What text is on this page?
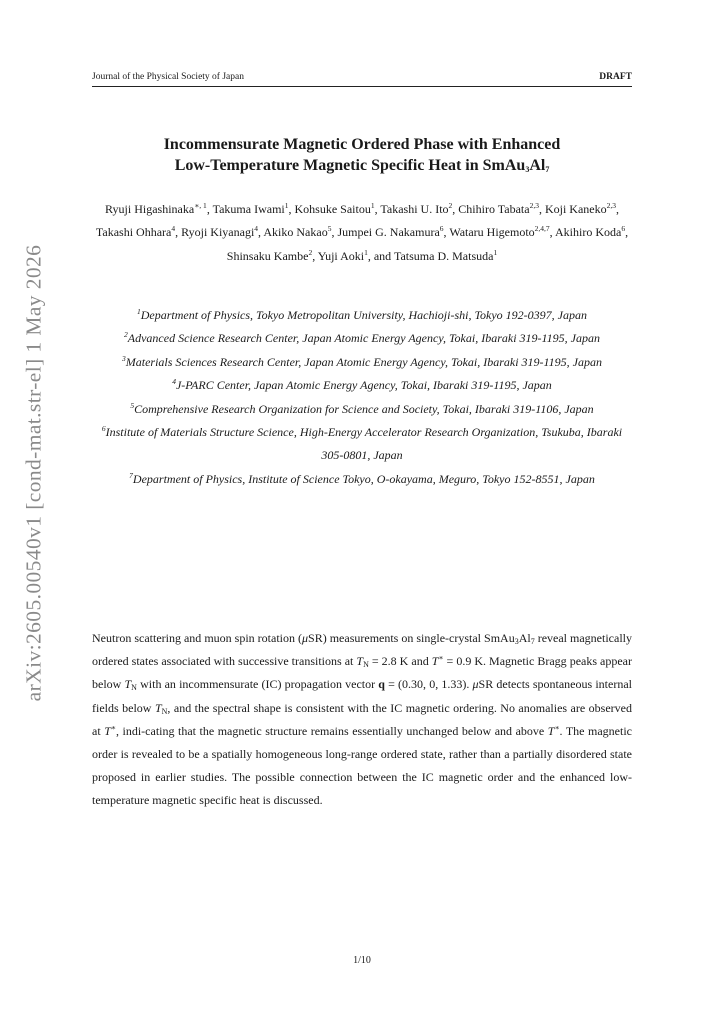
Journal of the Physical Society of Japan	DRAFT
arXiv:2605.00540v1 [cond-mat.str-el] 1 May 2026
Incommensurate Magnetic Ordered Phase with Enhanced
Low-Temperature Magnetic Specific Heat in $SmAu_3Al_7$
Ryuji Higashinaka$^{∗, 1}$, Takuma Iwami$^1$, Kohsuke Saitou$^1$, Takashi U. Ito$^2$, Chihiro Tabata$^{2,3}$, Koji Kaneko$^{2,3}$, Takashi Ohhara$^4$, Ryoji Kiyanagi$^4$, Akiko Nakao$^5$, Jumpei G. Nakamura$^6$, Wataru Higemoto$^{2,4,7}$, Akihiro Koda$^6$, Shinsaku Kambe$^2$, Yuji Aoki$^1$, and Tatsuma D. Matsuda$^1$
$^1$Department of Physics, Tokyo Metropolitan University, Hachioji-shi, Tokyo 192-0397, Japan
$^2$Advanced Science Research Center, Japan Atomic Energy Agency, Tokai, Ibaraki 319-1195, Japan
$^3$Materials Sciences Research Center, Japan Atomic Energy Agency, Tokai, Ibaraki 319-1195, Japan
$^4$J-PARC Center, Japan Atomic Energy Agency, Tokai, Ibaraki 319-1195, Japan
$^5$Comprehensive Research Organization for Science and Society, Tokai, Ibaraki 319-1106, Japan
$^6$Institute of Materials Structure Science, High-Energy Accelerator Research Organization, Tsukuba, Ibaraki 305-0801, Japan
$^7$Department of Physics, Institute of Science Tokyo, O-okayama, Meguro, Tokyo 152-8551, Japan

Neutron scattering and muon spin rotation (μSR) measurements on single-crystal $SmAu_3Al_7$ reveal magnetically ordered states associated with successive transitions at $T_N = 2.8$ K and T∗ = 0.9 K. Magnetic Bragg peaks appear below $T_N$ with an incommensurate (IC) propagation vector q = (0.30, 0, 1.33). μSR detects spontaneous internal fields below $T_N$, and the spectral shape is consistent with the IC magnetic ordering. No anomalies are observed at T∗, indi-cating that the magnetic structure remains essentially unchanged below and above T∗. The magnetic order is revealed to be a spatially homogeneous long-range ordered state, rather than a partially disordered state proposed in earlier studies. The possible connection between the IC magnetic order and the enhanced low-temperature magnetic specific heat is discussed.

1/10
